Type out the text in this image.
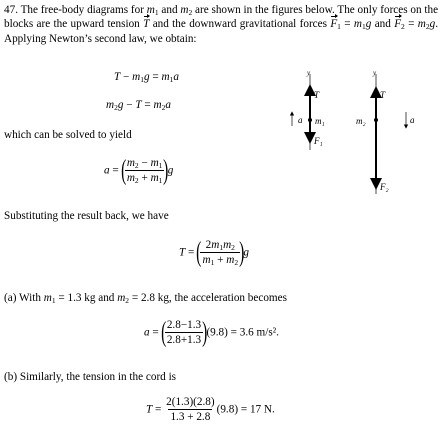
47. The free-body diagrams for $m_1$ and $m_2$ are shown in the figures below. The only forces on the blocks are the upward tension T and the downward gravitational forces $F_1 = m_1g$ and $F_2 = m_2g$. Applying Newton’s second law, we obtain:
$T - m_1g = m_1a$
$m_2g - T = m_2a$
which can be solved to yield
a = ( $\frac{m_2 - m_1}{m_2 + m_1} )g$
Substituting the result back, we have
T = ( $\frac{2m_1m_2}{m_1 + m_2} )g$
(a) With $m_1 = 1.3$ kg and $m_2 = 2.8$ kg, the acceleration becomes
a = ( $\frac{2.8-1.3}{2.8+1.3} )(9.8) = 3.6$ m/s².
(b) Similarly, the tension in the cord is
$T = \frac{2(1.3)(2.8)}{1.3 + 2.8} (9.8) = 17$ N.
y
T
m₁
F₁
a
y
T
m₂
F₂
a
